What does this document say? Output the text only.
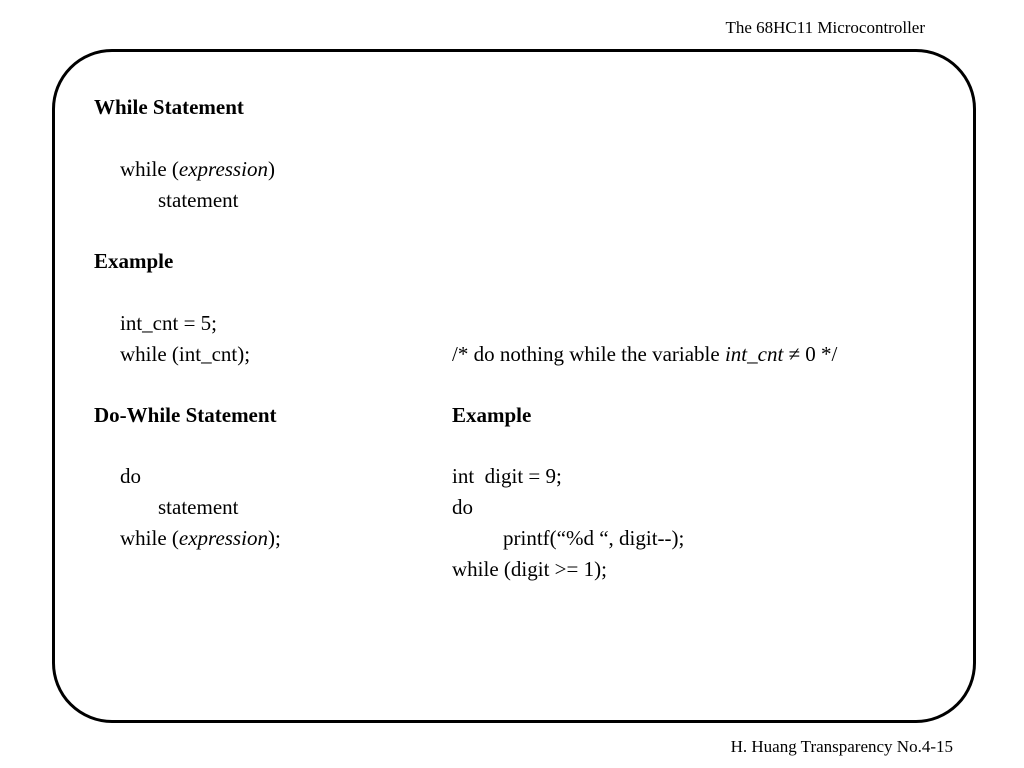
The 68HC11 Microcontroller
While Statement
while (expression)
statement
Example
int_cnt = 5;
while (int_cnt);	/* do nothing while the variable int_cnt ≠ 0 */
Do-While Statement	Example
do
statement
while (expression);
int  digit = 9;
do
printf(“%d “, digit--);
while (digit >= 1);
H. Huang Transparency No.4-15
